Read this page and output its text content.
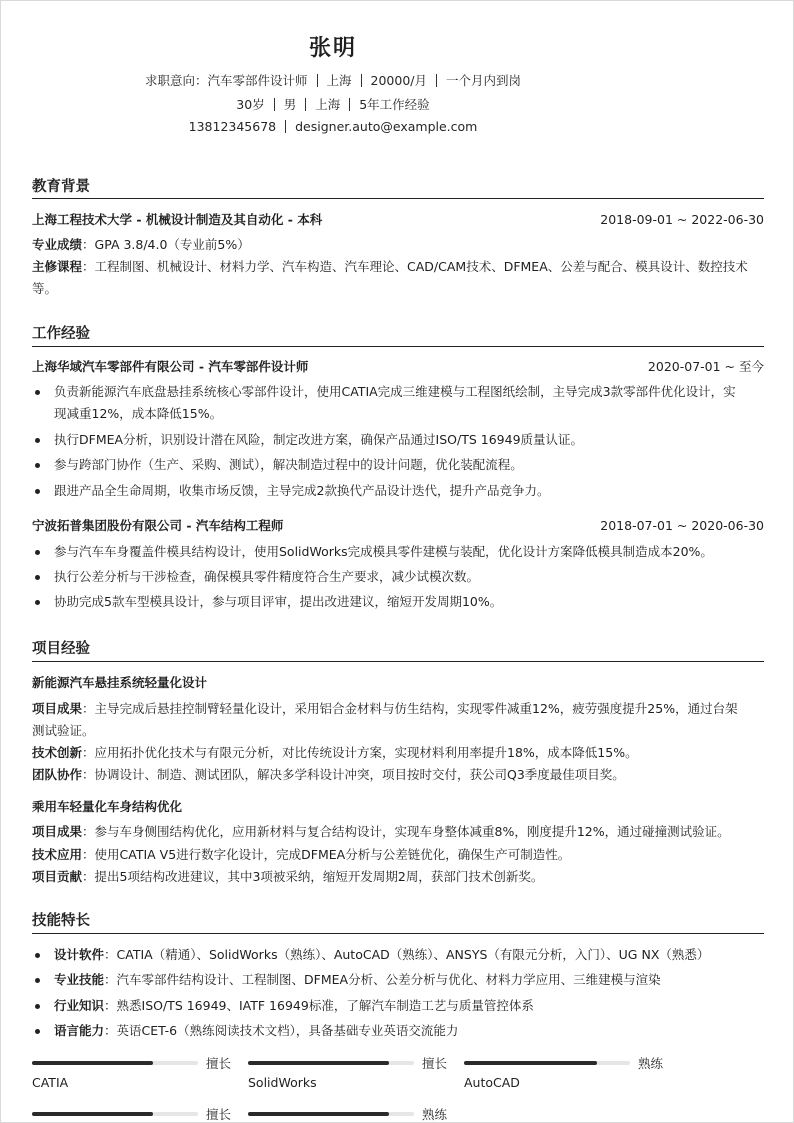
张明
求职意向：汽车零部件设计师 上海 20000/月 一个月内到岗
30岁 男 上海 5年工作经验
13812345678 designer.auto@example.com
教育背景
上海工程技术大学 - 机械设计制造及其自动化 - 本科	2018-09-01 ~ 2022-06-30
专业成绩：GPA 3.8/4.0（专业前5%）
主修课程：工程制图、机械设计、材料力学、汽车构造、汽车理论、CAD/CAM技术、DFMEA、公差与配合、模具设计、数控技术
等。
工作经验
上海华域汽车零部件有限公司 - 汽车零部件设计师	2020-07-01 ~ 至今
负责新能源汽车底盘悬挂系统核心零部件设计，使用CATIA完成三维建模与工程图纸绘制，主导完成3款零部件优化设计，实
现减重12%，成本降低15%。
执行DFMEA分析，识别设计潜在风险，制定改进方案，确保产品通过ISO/TS 16949质量认证。
参与跨部门协作（生产、采购、测试），解决制造过程中的设计问题，优化装配流程。
跟进产品全生命周期，收集市场反馈，主导完成2款换代产品设计迭代，提升产品竞争力。
宁波拓普集团股份有限公司 - 汽车结构工程师	2018-07-01 ~ 2020-06-30
参与汽车车身覆盖件模具结构设计，使用SolidWorks完成模具零件建模与装配，优化设计方案降低模具制造成本20%。
执行公差分析与干涉检查，确保模具零件精度符合生产要求，减少试模次数。
协助完成5款车型模具设计，参与项目评审，提出改进建议，缩短开发周期10%。
项目经验
新能源汽车悬挂系统轻量化设计
项目成果：主导完成后悬挂控制臂轻量化设计，采用铝合金材料与仿生结构，实现零件减重12%，疲劳强度提升25%，通过台架
测试验证。
技术创新：应用拓扑优化技术与有限元分析，对比传统设计方案，实现材料利用率提升18%，成本降低15%。
团队协作：协调设计、制造、测试团队，解决多学科设计冲突，项目按时交付，获公司Q3季度最佳项目奖。
乘用车轻量化车身结构优化
项目成果：参与车身侧围结构优化，应用新材料与复合结构设计，实现车身整体减重8%，刚度提升12%，通过碰撞测试验证。
技术应用：使用CATIA V5进行数字化设计，完成DFMEA分析与公差链优化，确保生产可制造性。
项目贡献：提出5项结构改进建议，其中3项被采纳，缩短开发周期2周，获部门技术创新奖。
技能特长
设计软件：CATIA（精通）、SolidWorks（熟练）、AutoCAD（熟练）、ANSYS（有限元分析，入门）、UG NX（熟悉）
专业技能：汽车零部件结构设计、工程制图、DFMEA分析、公差分析与优化、材料力学应用、三维建模与渲染
行业知识：熟悉ISO/TS 16949、IATF 16949标准，了解汽车制造工艺与质量管控体系
语言能力：英语CET-6（熟练阅读技术文档），具备基础专业英语交流能力
擅长
CATIA
擅长
SolidWorks
熟练
AutoCAD
擅长	熟练
